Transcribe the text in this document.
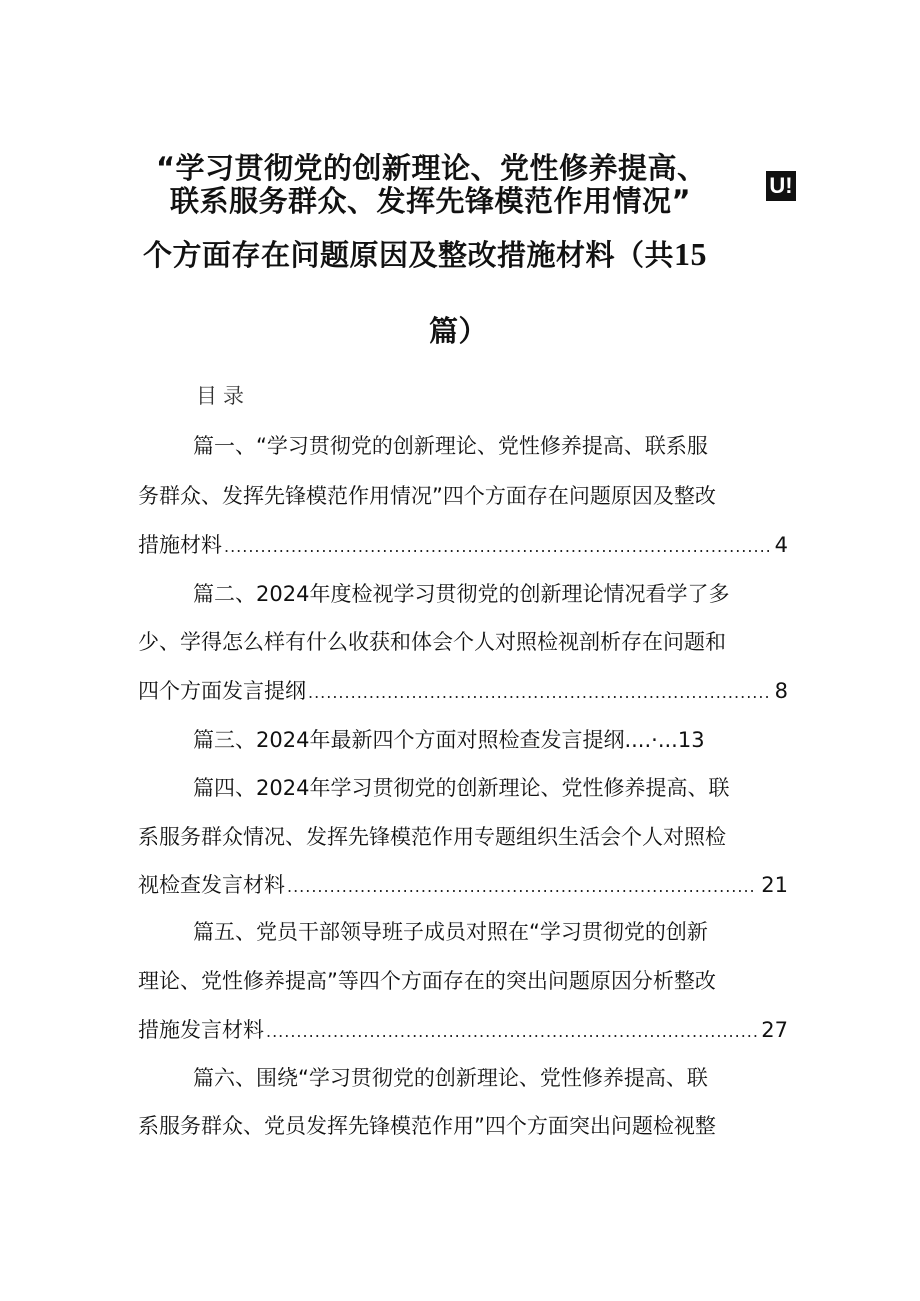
“学习贯彻党的创新理论、党性修养提高、
联系服务群众、发挥先锋模范作用情况”
个方面存在问题原因及整改措施材料（共15
篇）
U!
目录
篇一、“学习贯彻党的创新理论、党性修养提高、联系服
务群众、发挥先锋模范作用情况”四个方面存在问题原因及整改
措施材料 .....	4
篇二、2024年度检视学习贯彻党的创新理论情况看学了多
少、学得怎么样有什么收获和体会个人对照检视剖析存在问题和
四个方面发言提纲 .....	8
篇三、2024年最新四个方面对照检查发言提纲....·...13
篇四、2024年学习贯彻党的创新理论、党性修养提高、联
系服务群众情况、发挥先锋模范作用专题组织生活会个人对照检
视检查发言材料 .....	21
篇五、党员干部领导班子成员对照在“学习贯彻党的创新
理论、党性修养提高”等四个方面存在的突出问题原因分析整改
措施发言材料 .....	27
篇六、围绕“学习贯彻党的创新理论、党性修养提高、联
系服务群众、党员发挥先锋模范作用”四个方面突出问题检视整
